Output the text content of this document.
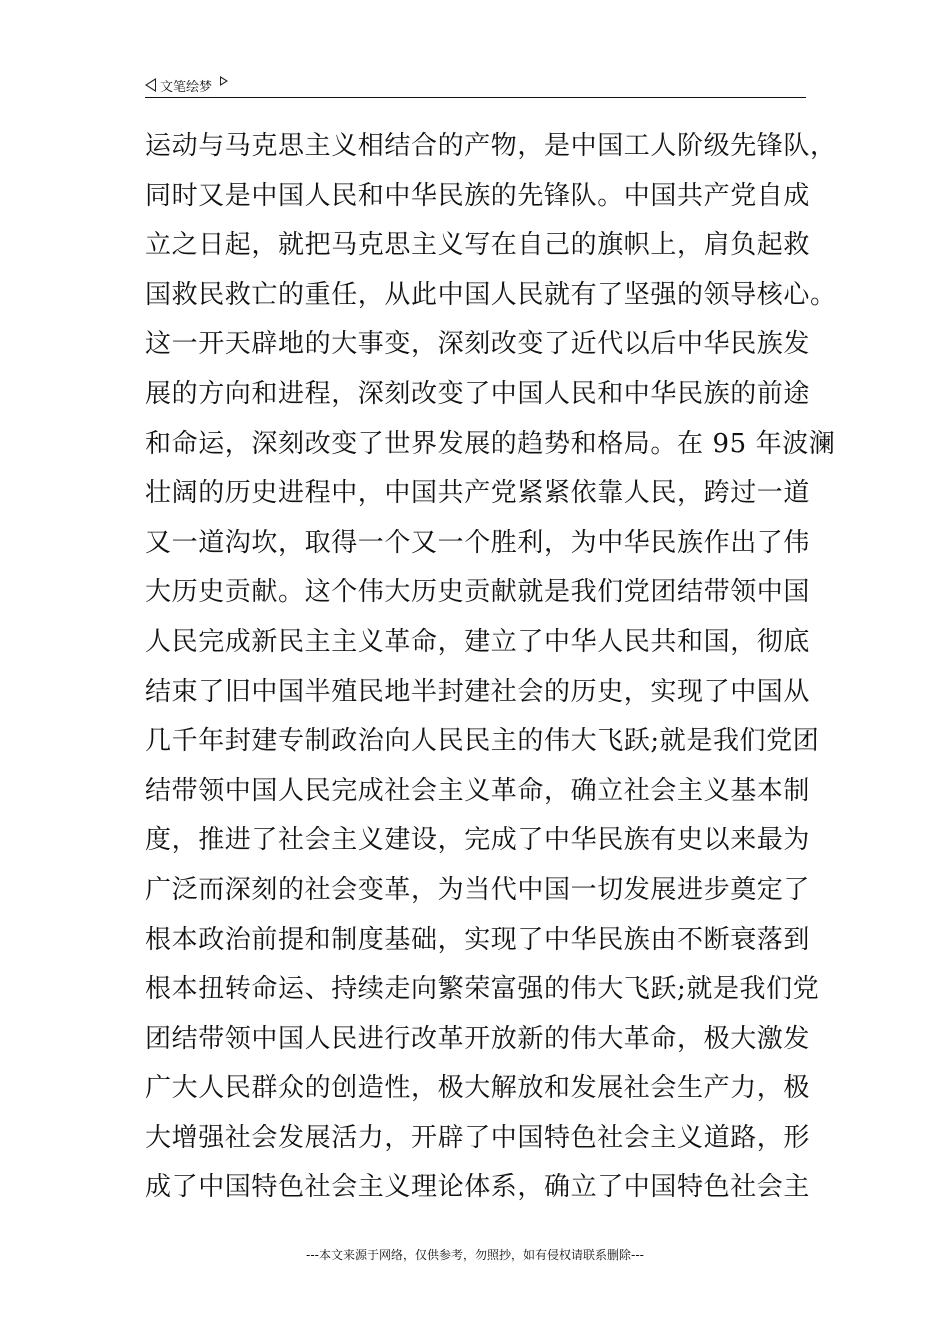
文笔绘梦
运动与马克思主义相结合的产物，是中国工人阶级先锋队，
同时又是中国人民和中华民族的先锋队。中国共产党自成
立之日起，就把马克思主义写在自己的旗帜上，肩负起救
国救民救亡的重任，从此中国人民就有了坚强的领导核心。
这一开天辟地的大事变，深刻改变了近代以后中华民族发
展的方向和进程，深刻改变了中国人民和中华民族的前途
和命运，深刻改变了世界发展的趋势和格局。在 95 年波澜
壮阔的历史进程中，中国共产党紧紧依靠人民，跨过一道
又一道沟坎，取得一个又一个胜利，为中华民族作出了伟
大历史贡献。这个伟大历史贡献就是我们党团结带领中国
人民完成新民主主义革命，建立了中华人民共和国，彻底
结束了旧中国半殖民地半封建社会的历史，实现了中国从
几千年封建专制政治向人民民主的伟大飞跃;就是我们党团
结带领中国人民完成社会主义革命，确立社会主义基本制
度，推进了社会主义建设，完成了中华民族有史以来最为
广泛而深刻的社会变革，为当代中国一切发展进步奠定了
根本政治前提和制度基础，实现了中华民族由不断衰落到
根本扭转命运、持续走向繁荣富强的伟大飞跃;就是我们党
团结带领中国人民进行改革开放新的伟大革命，极大激发
广大人民群众的创造性，极大解放和发展社会生产力，极
大增强社会发展活力，开辟了中国特色社会主义道路，形
成了中国特色社会主义理论体系，确立了中国特色社会主
---本文来源于网络，仅供参考，勿照抄，如有侵权请联系删除---
